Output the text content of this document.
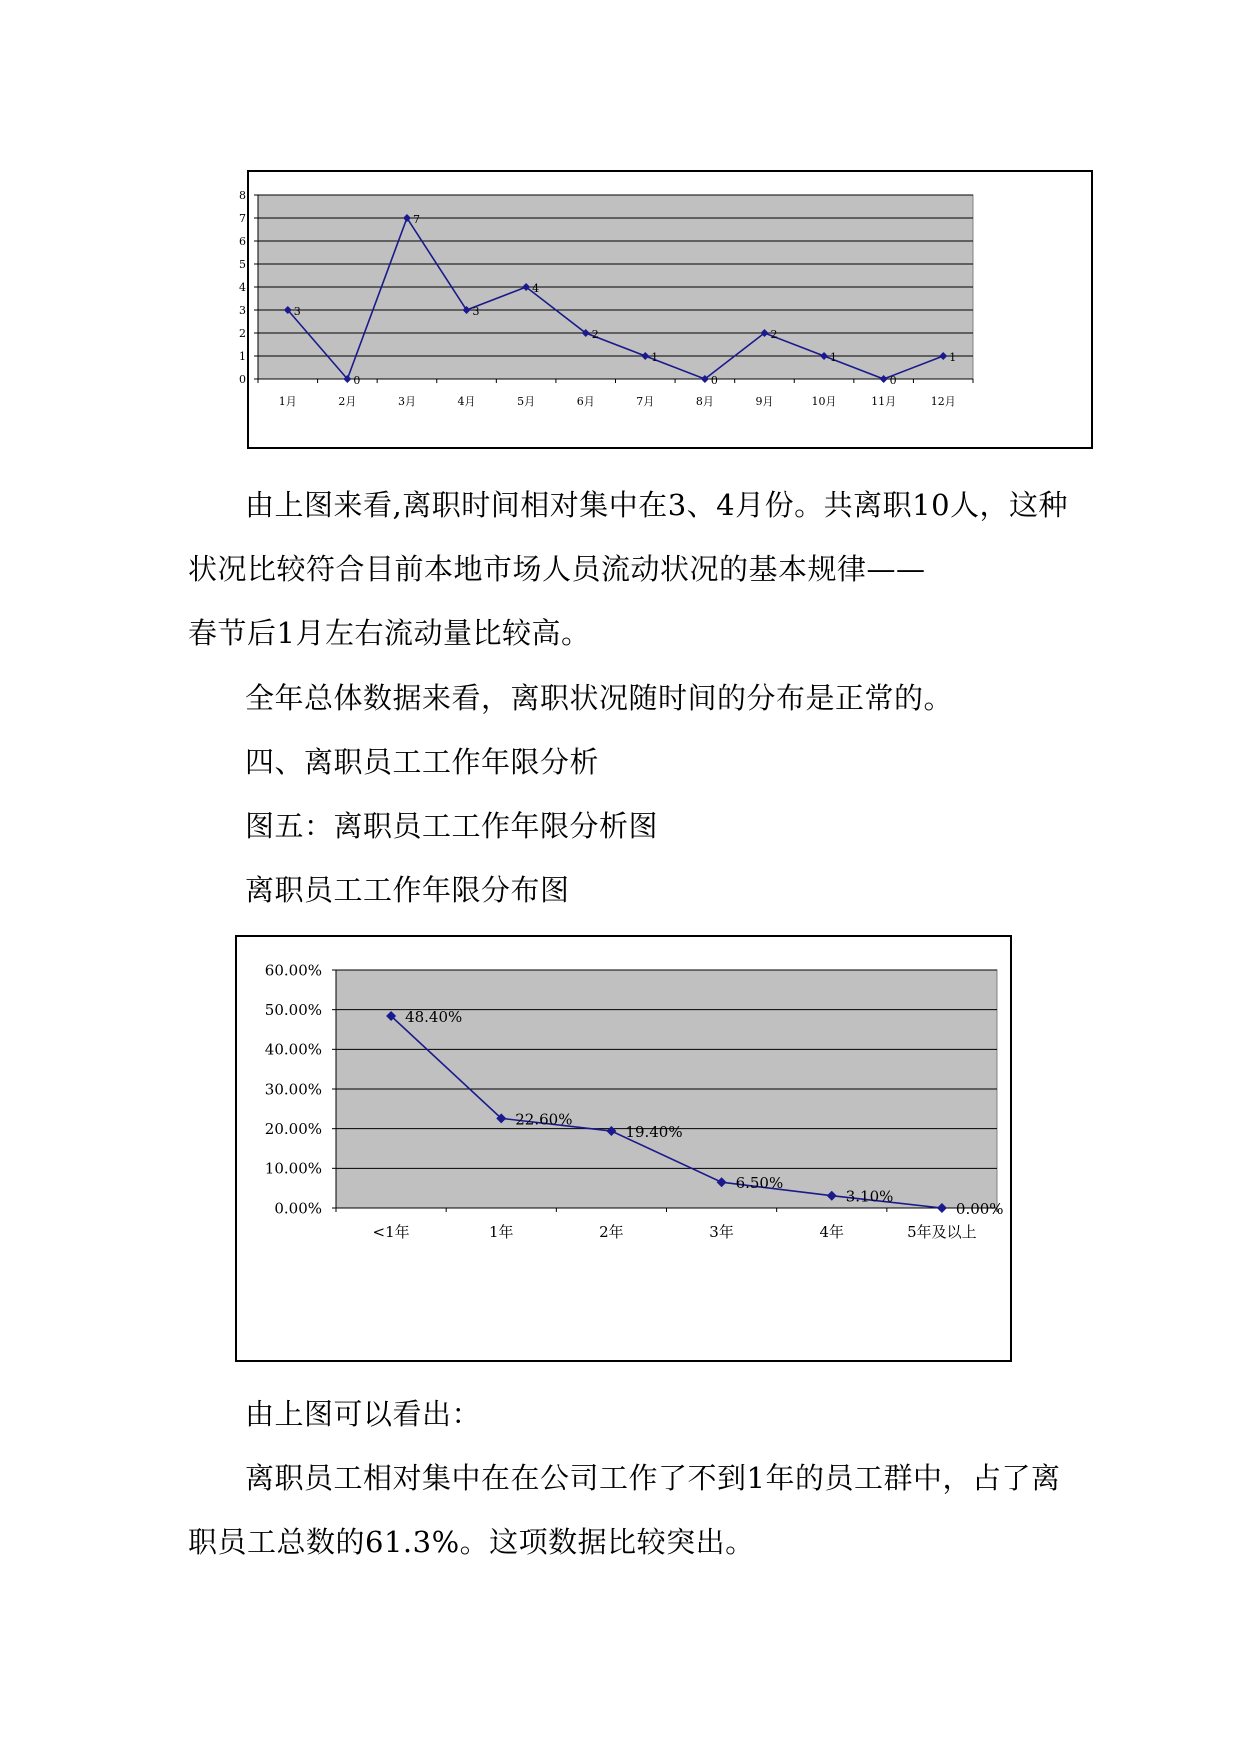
0
1
2
3
4
5
6
7
8
1月	2月	3月	4月	5月	6月	7月	8月	9月	10月	11月	12月
3
0
7
3
4
2
1
0
2
1
0
1
由上图来看,离职时间相对集中在3、4月份。共离职10人，这种
状况比较符合目前本地市场人员流动状况的基本规律——
春节后1月左右流动量比较高。
全年总体数据来看，离职状况随时间的分布是正常的。
四、离职员工工作年限分析
图五：离职员工工作年限分析图
离职员工工作年限分布图
0.00%
10.00%
20.00%
30.00%
40.00%
50.00%
60.00%
<1年	1年	2年	3年	4年	5年及以上
48.40%
22.60%
19.40%
6.50%
3.10%
0.00%
由上图可以看出：
离职员工相对集中在在公司工作了不到1年的员工群中，占了离
职员工总数的61.3%。这项数据比较突出。
